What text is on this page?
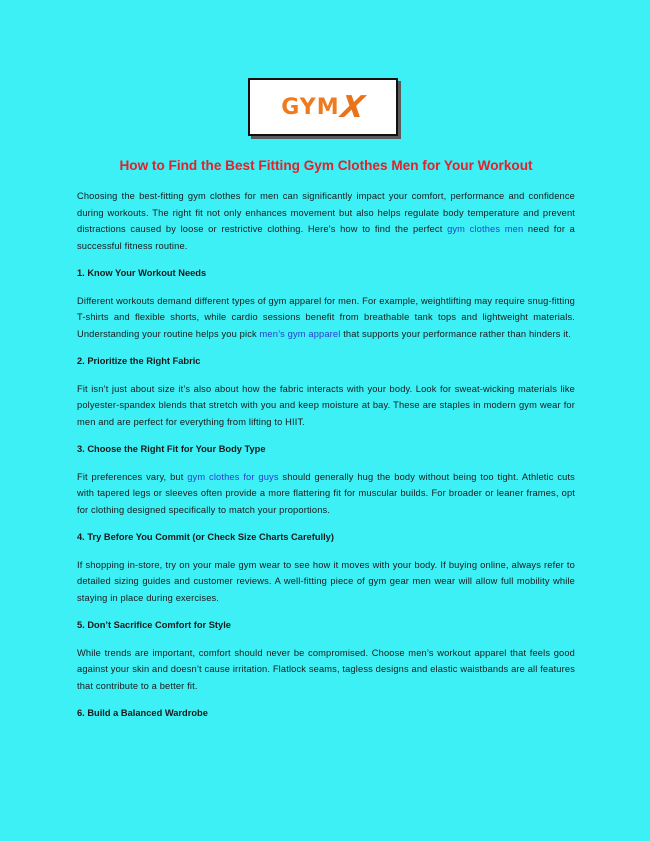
GYM
X
How to Find the Best Fitting Gym Clothes Men for Your Workout

Choosing the best-fitting gym clothes for men can significantly impact your comfort, performance and confidence during workouts. The right fit not only enhances movement but also helps regulate body temperature and prevent distractions caused by loose or restrictive clothing. Here’s how to find the perfect gym clothes men need for a successful fitness routine.

1. Know Your Workout Needs

Different workouts demand different types of gym apparel for men. For example, weightlifting may require snug-fitting T-shirts and flexible shorts, while cardio sessions benefit from breathable tank tops and lightweight materials. Understanding your routine helps you pick men’s gym apparel that supports your performance rather than hinders it.

2. Prioritize the Right Fabric

Fit isn’t just about size it’s also about how the fabric interacts with your body. Look for sweat-wicking materials like polyester-spandex blends that stretch with you and keep moisture at bay. These are staples in modern gym wear for men and are perfect for everything from lifting to HIIT.

3. Choose the Right Fit for Your Body Type

Fit preferences vary, but gym clothes for guys should generally hug the body without being too tight. Athletic cuts with tapered legs or sleeves often provide a more flattering fit for muscular builds. For broader or leaner frames, opt for clothing designed specifically to match your proportions.

4. Try Before You Commit (or Check Size Charts Carefully)

If shopping in-store, try on your male gym wear to see how it moves with your body. If buying online, always refer to detailed sizing guides and customer reviews. A well-fitting piece of gym gear men wear will allow full mobility while staying in place during exercises.

5. Don’t Sacrifice Comfort for Style

While trends are important, comfort should never be compromised. Choose men’s workout apparel that feels good against your skin and doesn’t cause irritation. Flatlock seams, tagless designs and elastic waistbands are all features that contribute to a better fit.

6. Build a Balanced Wardrobe
